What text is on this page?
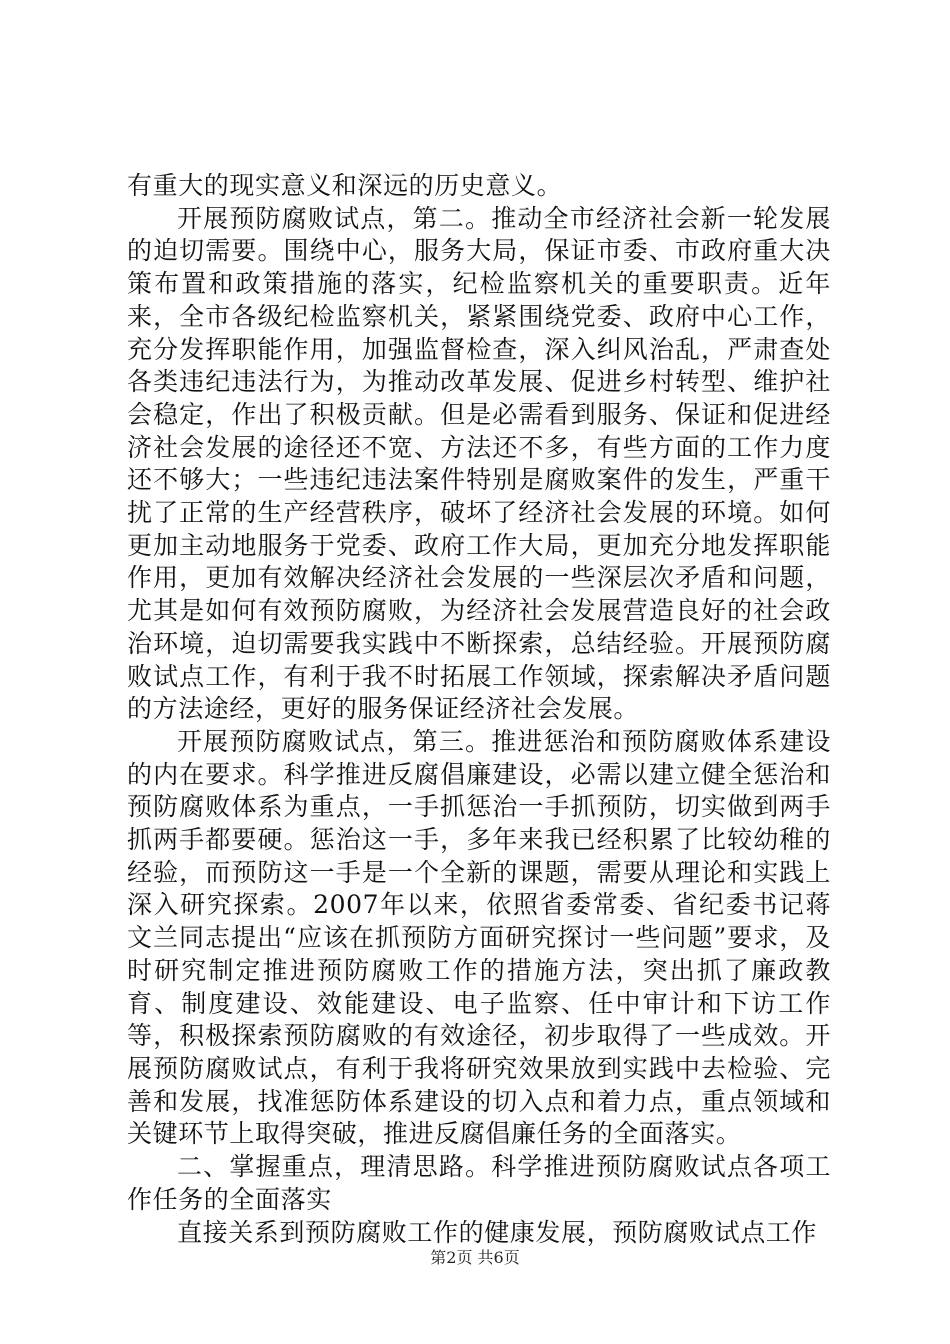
有重大的现实意义和深远的历史意义。

开展预防腐败试点，第二。推动全市经济社会新一轮发展的迫切需要。围绕中心，服务大局，保证市委、市政府重大决策布置和政策措施的落实，纪检监察机关的重要职责。近年来，全市各级纪检监察机关，紧紧围绕党委、政府中心工作，充分发挥职能作用，加强监督检查，深入纠风治乱，严肃查处各类违纪违法行为，为推动改革发展、促进乡村转型、维护社会稳定，作出了积极贡献。但是必需看到服务、保证和促进经济社会发展的途径还不宽、方法还不多，有些方面的工作力度还不够大；一些违纪违法案件特别是腐败案件的发生，严重干扰了正常的生产经营秩序，破坏了经济社会发展的环境。如何更加主动地服务于党委、政府工作大局，更加充分地发挥职能作用，更加有效解决经济社会发展的一些深层次矛盾和问题，尤其是如何有效预防腐败，为经济社会发展营造良好的社会政治环境，迫切需要我实践中不断探索，总结经验。开展预防腐败试点工作，有利于我不时拓展工作领域，探索解决矛盾问题的方法途经，更好的服务保证经济社会发展。

开展预防腐败试点，第三。推进惩治和预防腐败体系建设的内在要求。科学推进反腐倡廉建设，必需以建立健全惩治和预防腐败体系为重点，一手抓惩治一手抓预防，切实做到两手抓两手都要硬。惩治这一手，多年来我已经积累了比较幼稚的经验，而预防这一手是一个全新的课题，需要从理论和实践上深入研究探索。2007年以来，依照省委常委、省纪委书记蒋文兰同志提出“应该在抓预防方面研究探讨一些问题”要求，及时研究制定推进预防腐败工作的措施方法，突出抓了廉政教育、制度建设、效能建设、电子监察、任中审计和下访工作等，积极探索预防腐败的有效途径，初步取得了一些成效。开展预防腐败试点，有利于我将研究效果放到实践中去检验、完善和发展，找准惩防体系建设的切入点和着力点，重点领域和关键环节上取得突破，推进反腐倡廉任务的全面落实。

二、掌握重点，理清思路。科学推进预防腐败试点各项工作任务的全面落实

直接关系到预防腐败工作的健康发展，预防腐败试点工作

第2页 共6页
